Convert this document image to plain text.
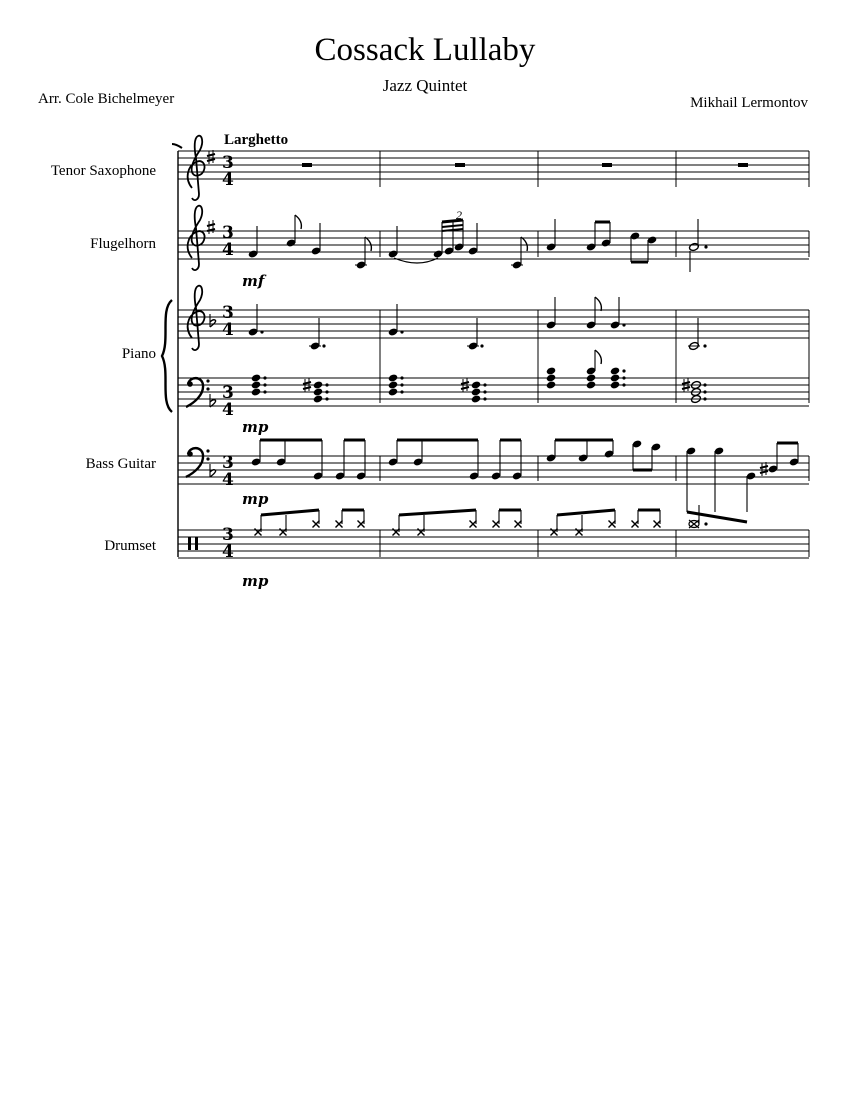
Cossack Lullaby
Jazz Quintet
Arr. Cole Bichelmeyer	Mikhail Lermontov
Tenor Saxophone
Flugelhorn
Piano
Bass Guitar
Drumset
Larghetto
3
4
3
4
3
4
3
4
3
4
3
4
2
mf
mp
mp
mp
